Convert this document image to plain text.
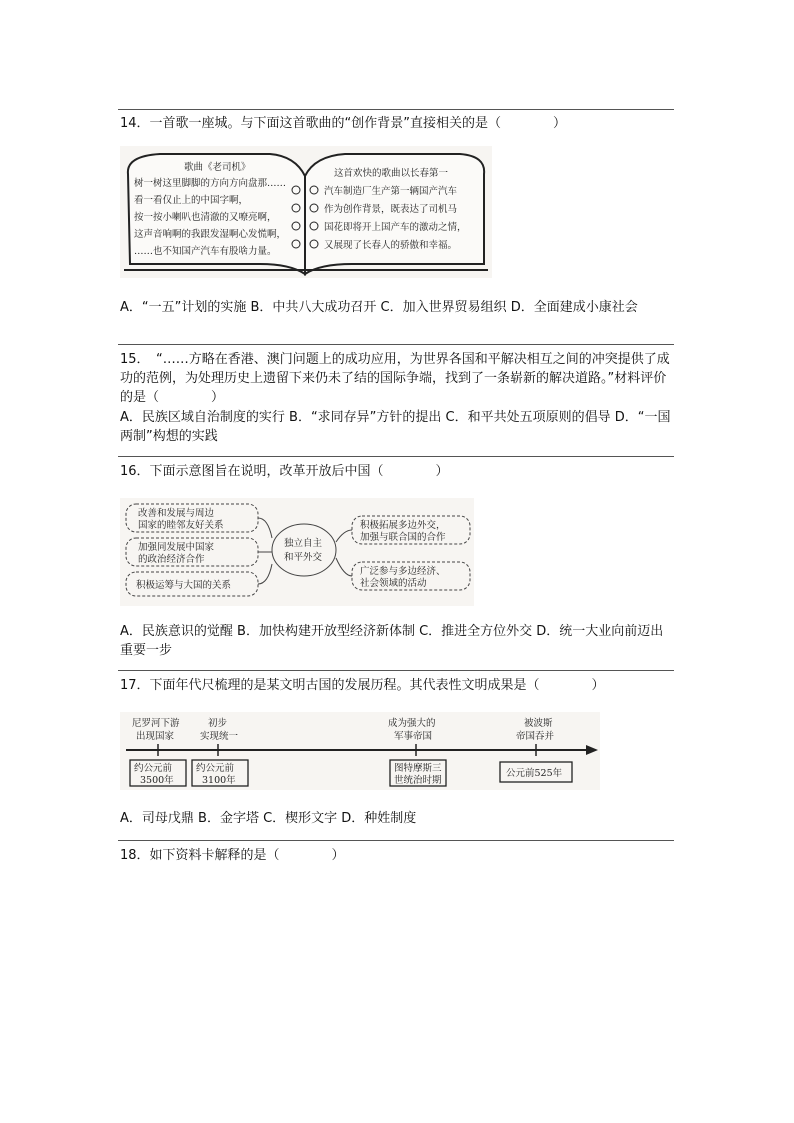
14．一首歌一座城。与下面这首歌曲的“创作背景”直接相关的是（　　　　）
歌曲《老司机》
树一树这里脚脚的方向方向盘那……
看一看仅止上的中国字啊，
按一按小喇叭也清澈的又嘹亮啊，
这声音响啊的我跟发湿啊心发慌啊，
……也不知国产汽车有股啥力量。
这首欢快的歌曲以长春第一
汽车制造厂生产第一辆国产汽车
作为创作背景，既表达了司机马
国花即将开上国产车的激动之情，
又展现了长春人的骄傲和幸福。
A．“一五”计划的实施 B．中共八大成功召开 C．加入世界贸易组织 D．全面建成小康社会
15．　“……方略在香港、澳门问题上的成功应用，为世界各国和平解决相互之间的冲突提供了成功的范例，为处理历史上遗留下来仍未了结的国际争端，找到了一条崭新的解决道路。”材料评价的是（　　　　）
A．民族区域自治制度的实行 B．“求同存异”方针的提出 C．和平共处五项原则的倡导 D．“一国两制”构想的实践
16．下面示意图旨在说明，改革开放后中国（　　　　）
改善和发展与周边
国家的睦邻友好关系
加强同发展中国家
的政治经济合作
积极运筹与大国的关系
独立自主
和平外交
积极拓展多边外交，
加强与联合国的合作
广泛参与多边经济、
社会领域的活动
A．民族意识的觉醒 B．加快构建开放型经济新体制 C．推进全方位外交 D．统一大业向前迈出重要一步
17．下面年代尺梳理的是某文明古国的发展历程。其代表性文明成果是（　　　　）
尼罗河下游
出现国家
初步
实现统一
成为强大的
军事帝国
被波斯
帝国吞并
约公元前
3500年
约公元前
3100年
图特摩斯三
世统治时期
公元前525年
A．司母戊鼎 B．金字塔 C．楔形文字 D．种姓制度
18．如下资料卡解释的是（　　　　）
